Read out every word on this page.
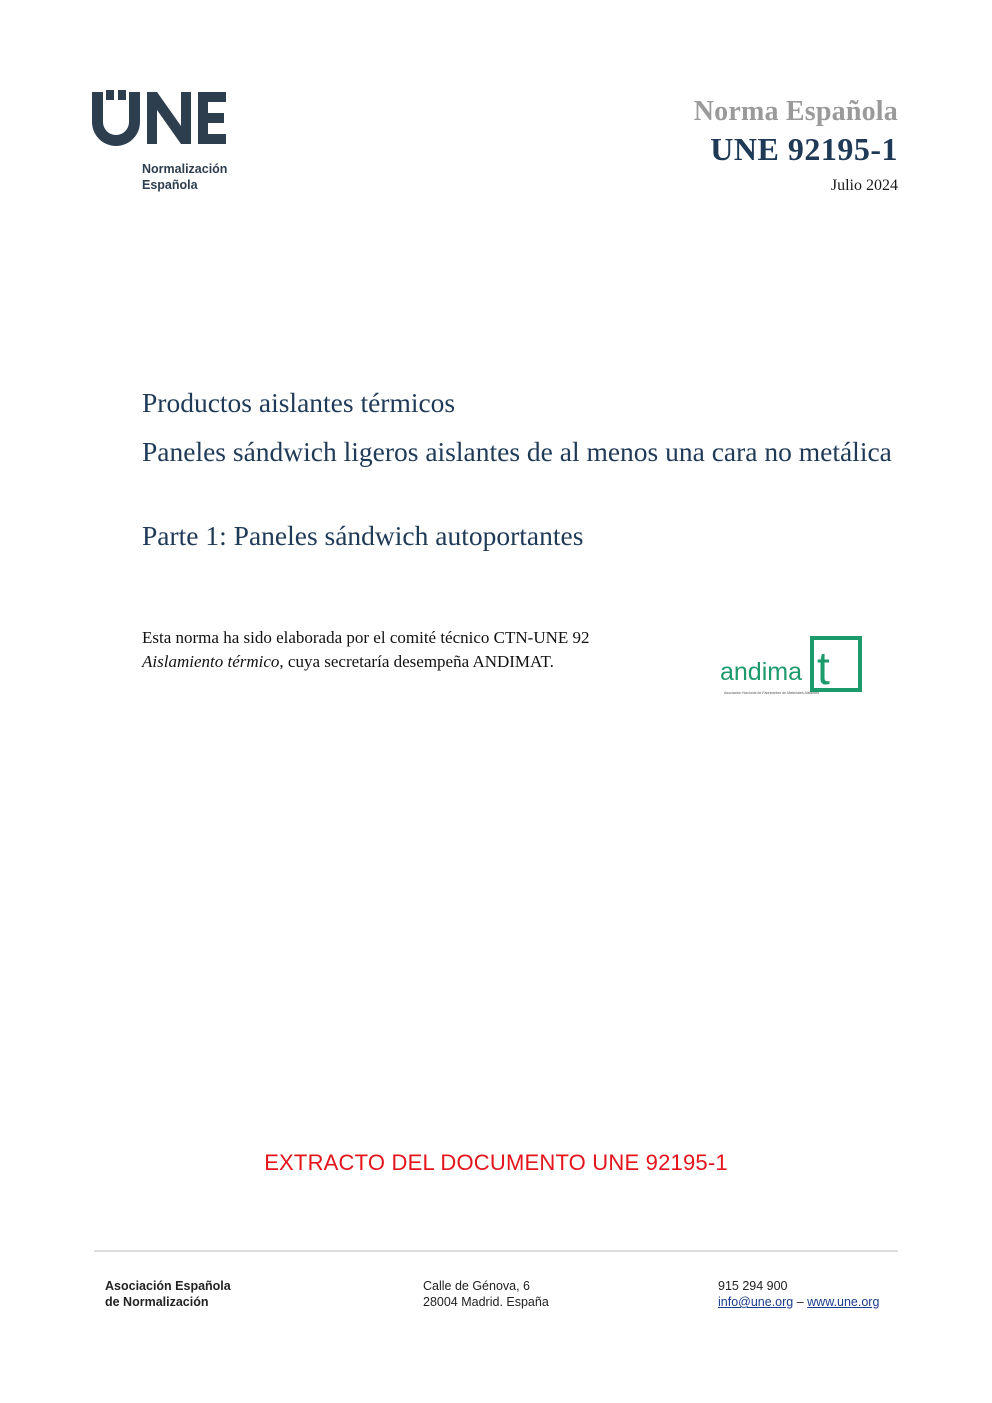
Normalización
Española
Norma Española
UNE 92195-1
Julio 2024
Productos aislantes térmicos
Paneles sándwich ligeros aislantes de al menos una cara no metálica
Parte 1: Paneles sándwich autoportantes
Esta norma ha sido elaborada por el comité técnico CTN-UNE 92 Aislamiento térmico, cuya secretaría desempeña ANDIMAT.	andima t
Asociación Nacional de Fabricantes de Materiales Aislantes
EXTRACTO DEL DOCUMENTO UNE 92195-1
Asociación Española
de Normalización
Calle de Génova, 6
28004 Madrid. España
915 294 900
info@une.org – www.une.org
